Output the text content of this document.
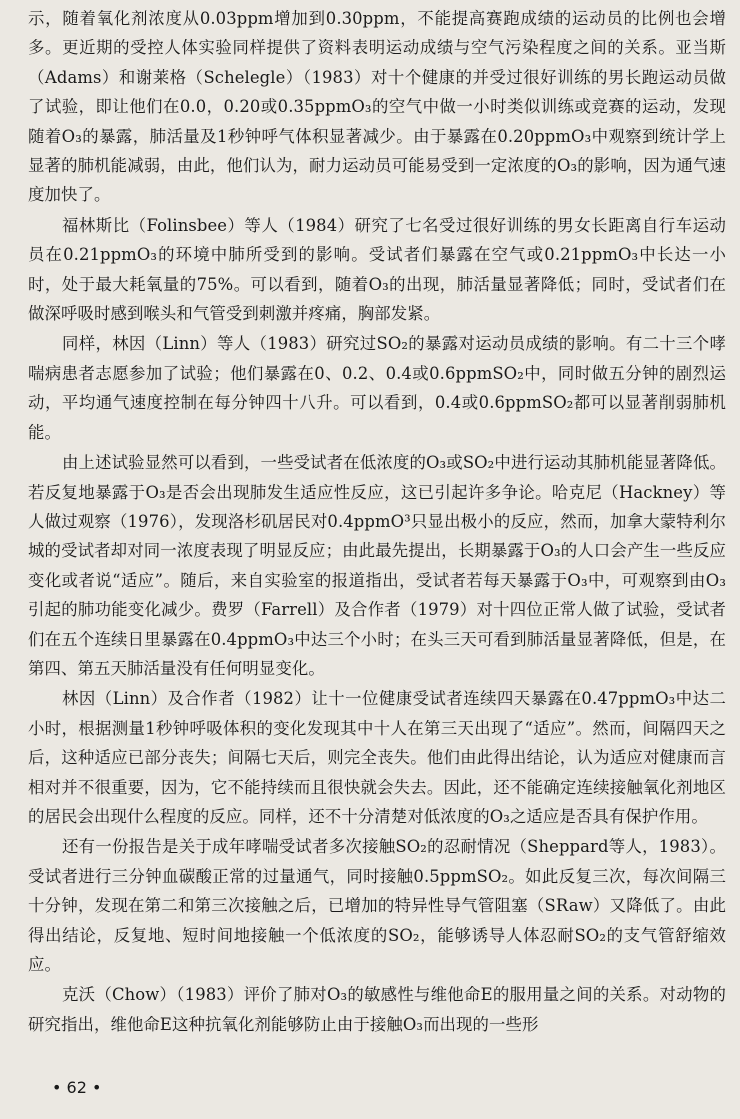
示，随着氧化剂浓度从0.03ppm增加到0.30ppm，不能提高赛跑成绩的运动员的比例也会增多。更近期的受控人体实验同样提供了资料表明运动成绩与空气污染程度之间的关系。亚当斯（Adams）和谢莱格（Schelegle）（1983）对十个健康的并受过很好训练的男长跑运动员做了试验，即让他们在0.0，0.20或0.35ppmO₃的空气中做一小时类似训练或竞赛的运动，发现随着O₃的暴露，肺活量及1秒钟呼气体积显著减少。由于暴露在0.20ppmO₃中观察到统计学上显著的肺机能减弱，由此，他们认为，耐力运动员可能易受到一定浓度的O₃的影响，因为通气速度加快了。

福林斯比（Folinsbee）等人（1984）研究了七名受过很好训练的男女长距离自行车运动员在0.21ppmO₃的环境中肺所受到的影响。受试者们暴露在空气或0.21ppmO₃中长达一小时，处于最大耗氧量的75%。可以看到，随着O₃的出现，肺活量显著降低；同时，受试者们在做深呼吸时感到喉头和气管受到刺激并疼痛，胸部发紧。

同样，林因（Linn）等人（1983）研究过SO₂的暴露对运动员成绩的影响。有二十三个哮喘病患者志愿参加了试验；他们暴露在0、0.2、0.4或0.6ppmSO₂中，同时做五分钟的剧烈运动，平均通气速度控制在每分钟四十八升。可以看到，0.4或0.6ppmSO₂都可以显著削弱肺机能。

由上述试验显然可以看到，一些受试者在低浓度的O₃或SO₂中进行运动其肺机能显著降低。若反复地暴露于O₃是否会出现肺发生适应性反应，这已引起许多争论。哈克尼（Hackney）等人做过观察（1976），发现洛杉矶居民对0.4ppmO³只显出极小的反应，然而，加拿大蒙特利尔城的受试者却对同一浓度表现了明显反应；由此最先提出，长期暴露于O₃的人口会产生一些反应变化或者说“适应”。随后，来自实验室的报道指出，受试者若每天暴露于O₃中，可观察到由O₃引起的肺功能变化减少。费罗（Farrell）及合作者（1979）对十四位正常人做了试验，受试者们在五个连续日里暴露在0.4ppmO₃中达三个小时；在头三天可看到肺活量显著降低，但是，在第四、第五天肺活量没有任何明显变化。

林因（Linn）及合作者（1982）让十一位健康受试者连续四天暴露在0.47ppmO₃中达二小时，根据测量1秒钟呼吸体积的变化发现其中十人在第三天出现了“适应”。然而，间隔四天之后，这种适应已部分丧失；间隔七天后，则完全丧失。他们由此得出结论，认为适应对健康而言相对并不很重要，因为，它不能持续而且很快就会失去。因此，还不能确定连续接触氧化剂地区的居民会出现什么程度的反应。同样，还不十分清楚对低浓度的O₃之适应是否具有保护作用。

还有一份报告是关于成年哮喘受试者多次接触SO₂的忍耐情况（Sheppard等人，1983）。受试者进行三分钟血碳酸正常的过量通气，同时接触0.5ppmSO₂。如此反复三次，每次间隔三十分钟，发现在第二和第三次接触之后，已增加的特异性导气管阻塞（SRaw）又降低了。由此得出结论，反复地、短时间地接触一个低浓度的SO₂，能够诱导人体忍耐SO₂的支气管舒缩效应。

克沃（Chow）（1983）评价了肺对O₃的敏感性与维他命E的服用量之间的关系。对动物的研究指出，维他命E这种抗氧化剂能够防止由于接触O₃而出现的一些形

• 62 •
